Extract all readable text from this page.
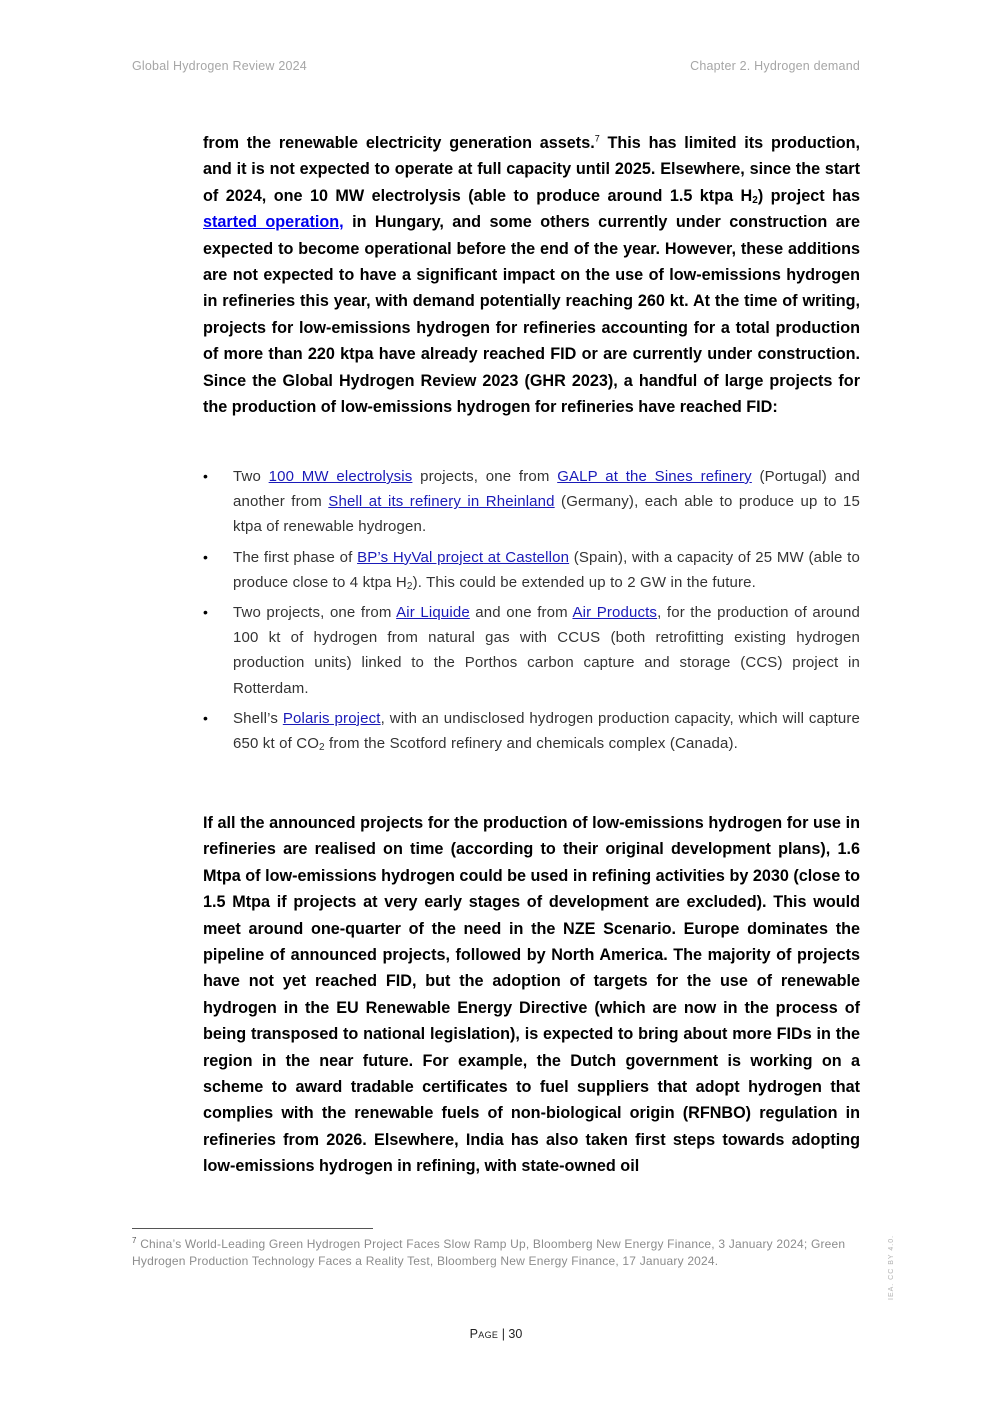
Global Hydrogen Review 2024	Chapter 2. Hydrogen demand

from the renewable electricity generation assets.$^7$ This has limited its production, and it is not expected to operate at full capacity until 2025. Elsewhere, since the start of 2024, one 10 MW electrolysis (able to produce around 1.5 ktpa $H_2$) project has started operation, in Hungary, and some others currently under construction are expected to become operational before the end of the year. However, these additions are not expected to have a significant impact on the use of low-emissions hydrogen in refineries this year, with demand potentially reaching 260 kt. At the time of writing, projects for low-emissions hydrogen for refineries accounting for a total production of more than 220 ktpa have already reached FID or are currently under construction. Since the Global Hydrogen Review 2023 (GHR 2023), a handful of large projects for the production of low-emissions hydrogen for refineries have reached FID:

• Two 100 MW electrolysis projects, one from GALP at the Sines refinery (Portugal) and another from Shell at its refinery in Rheinland (Germany), each able to produce up to 15 ktpa of renewable hydrogen.
• The first phase of BP’s HyVal project at Castellon (Spain), with a capacity of 25 MW (able to produce close to 4 ktpa $H_2$). This could be extended up to 2 GW in the future.
• Two projects, one from Air Liquide and one from Air Products, for the production of around 100 kt of hydrogen from natural gas with CCUS (both retrofitting existing hydrogen production units) linked to the Porthos carbon capture and storage (CCS) project in Rotterdam.
• Shell’s Polaris project, with an undisclosed hydrogen production capacity, which will capture 650 kt of $CO_2$ from the Scotford refinery and chemicals complex (Canada).

If all the announced projects for the production of low-emissions hydrogen for use in refineries are realised on time (according to their original development plans), 1.6 Mtpa of low-emissions hydrogen could be used in refining activities by 2030 (close to 1.5 Mtpa if projects at very early stages of development are excluded). This would meet around one-quarter of the need in the NZE Scenario. Europe dominates the pipeline of announced projects, followed by North America. The majority of projects have not yet reached FID, but the adoption of targets for the use of renewable hydrogen in the EU Renewable Energy Directive (which are now in the process of being transposed to national legislation), is expected to bring about more FIDs in the region in the near future. For example, the Dutch government is working on a scheme to award tradable certificates to fuel suppliers that adopt hydrogen that complies with the renewable fuels of non-biological origin (RFNBO) regulation in refineries from 2026. Elsewhere, India has also taken first steps towards adopting low-emissions hydrogen in refining, with state-owned oil

$^7$ China’s World-Leading Green Hydrogen Project Faces Slow Ramp Up, Bloomberg New Energy Finance, 3 January 2024; Green Hydrogen Production Technology Faces a Reality Test, Bloomberg New Energy Finance, 17 January 2024.

Page | 30
IEA. CC BY 4.0.
